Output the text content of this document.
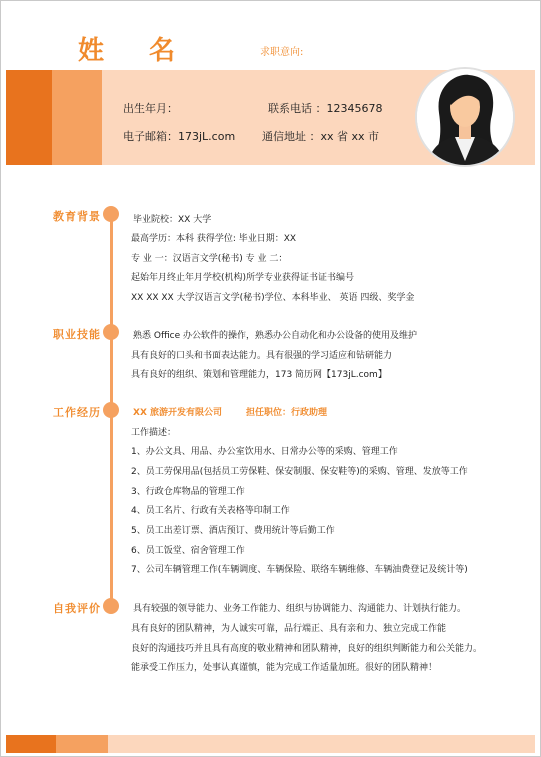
姓 名	求职意向:
出生年月：	联系电话 ：12345678
电子邮箱：173jL.com 通信地址 ：xx 省 xx 市
教育背景	毕业院校：XX 大学
最高学历：本科 获得学位: 毕业日期：XX
专 业 一：汉语言文学(秘书) 专 业 二：
起始年月终止年月学校(机构)所学专业获得证书证书编号
XX XX XX 大学汉语言文学(秘书)学位、本科毕业、 英语 四级、奖学金
职业技能	熟悉 Office 办公软件的操作，熟悉办公自动化和办公设备的使用及维护
具有良好的口头和书面表达能力。具有很强的学习适应和钻研能力
具有良好的组织、策划和管理能力，173 简历网【173jL.com】
工作经历	XX 旅游开发有限公司	担任职位：行政助理
工作描述：
1、办公文具、用品、办公室饮用水、日常办公等的采购、管理工作
2、员工劳保用品(包括员工劳保鞋、保安制服、保安鞋等)的采购、管理、发放等工作
3、行政仓库物品的管理工作
4、员工名片、行政有关表格等印制工作
5、员工出差订票、酒店预订、费用统计等后勤工作
6、员工饭堂、宿舍管理工作
7、公司车辆管理工作(车辆调度、车辆保险、联络车辆维修、车辆油费登记及统计等)
自我评价	具有较强的领导能力、业务工作能力、组织与协调能力、沟通能力、计划执行能力。
具有良好的团队精神，为人诚实可靠，品行端正、具有亲和力、独立完成工作能
良好的沟通技巧并且具有高度的敬业精神和团队精神，良好的组织判断能力和公关能力。
能承受工作压力，处事认真谨慎，能为完成工作适量加班。很好的团队精神！
